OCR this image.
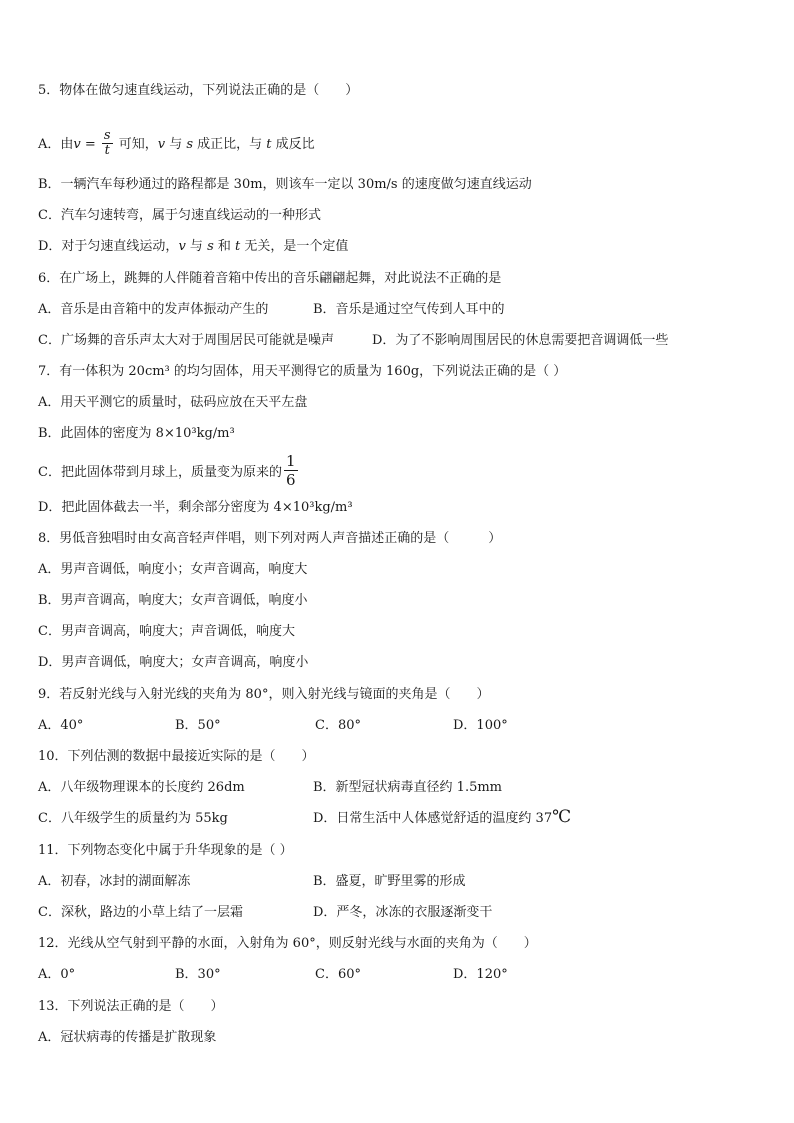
5．物体在做匀速直线运动，下列说法正确的是（　　）
A．由$v = \frac{s}{t}$ 可知，v 与 s 成正比，与 t 成反比
B．一辆汽车每秒通过的路程都是 30m，则该车一定以 30m/s 的速度做匀速直线运动
C．汽车匀速转弯，属于匀速直线运动的一种形式
D．对于匀速直线运动，v 与 s 和 t 无关，是一个定值
6．在广场上，跳舞的人伴随着音箱中传出的音乐翩翩起舞，对此说法不正确的是
A．音乐是由音箱中的发声体振动产生的	B．音乐是通过空气传到人耳中的
C．广场舞的音乐声太大对于周围居民可能就是噪声	D．为了不影响周围居民的休息需要把音调调低一些
7．有一体积为 20cm³ 的均匀固体，用天平测得它的质量为 160g，下列说法正确的是（ ）
A．用天平测它的质量时，砝码应放在天平左盘
B．此固体的密度为 8×10³kg/m³
C．把此固体带到月球上，质量变为原来的 $\frac{1}{6}$
D．把此固体截去一半，剩余部分密度为 4×10³kg/m³
8．男低音独唱时由女高音轻声伴唱，则下列对两人声音描述正确的是（　　　）
A．男声音调低，响度小；女声音调高，响度大
B．男声音调高，响度大；女声音调低，响度小
C．男声音调高，响度大；声音调低，响度大
D．男声音调低，响度大；女声音调高，响度小
9．若反射光线与入射光线的夹角为 80°，则入射光线与镜面的夹角是（　　）
A．40°	B．50°	C．80°	D．100°
10．下列估测的数据中最接近实际的是（　　）
A．八年级物理课本的长度约 26dm	B．新型冠状病毒直径约 1.5mm
C．八年级学生的质量约为 55kg	D．日常生活中人体感觉舒适的温度约 37℃
11．下列物态变化中属于升华现象的是（ ）
A．初春，冰封的湖面解冻	B．盛夏，旷野里雾的形成
C．深秋，路边的小草上结了一层霜	D．严冬，冰冻的衣服逐渐变干
12．光线从空气射到平静的水面，入射角为 60°，则反射光线与水面的夹角为（　　）
A．0°	B．30°	C．60°	D．120°
13．下列说法正确的是（　　）
A．冠状病毒的传播是扩散现象
